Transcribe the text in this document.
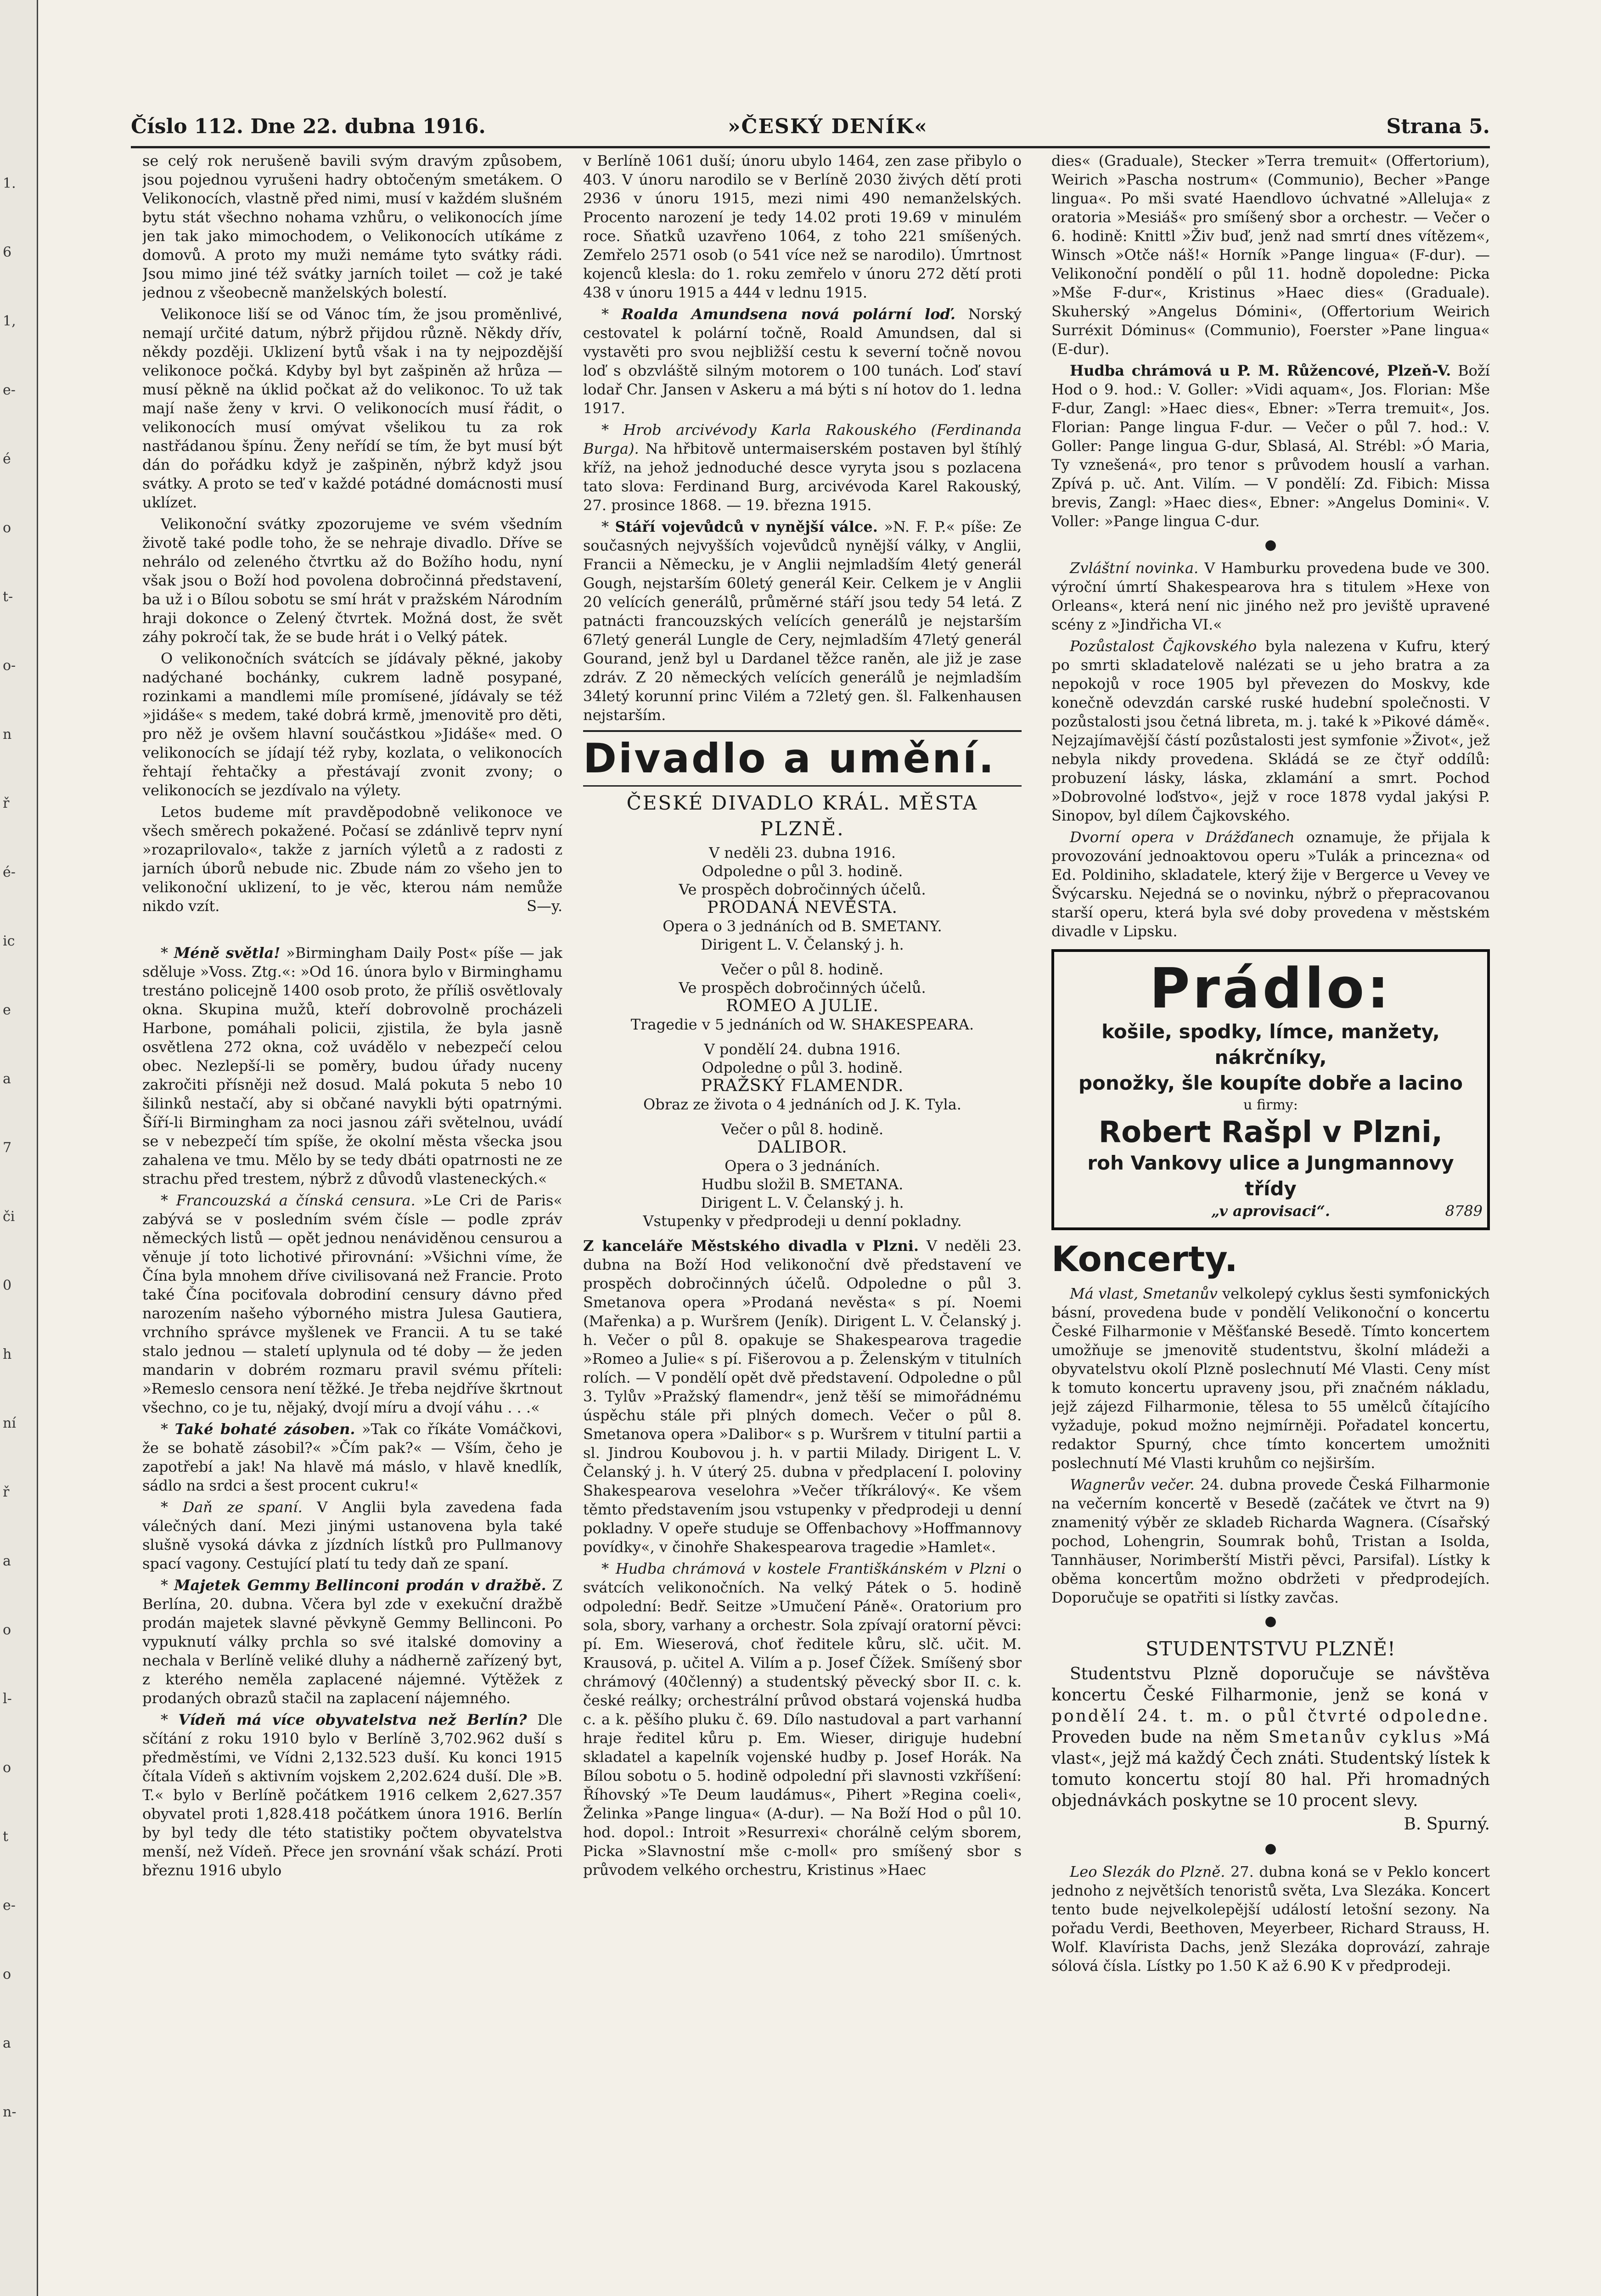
1.
6
1,
e-
é
o
t-
o-
n
ř
é-
ic
e
a
7
či
0
h
ní
ř
a
o
l-
o
t
e-
o
a
n-
Číslo 112. Dne 22. dubna 1916.	»ČESKÝ DENÍK«	Strana 5.

se celý rok nerušeně bavili svým dravým způsobem, jsou pojednou vyrušeni hadry obtočeným smetákem. O Velikonocích, vlastně před nimi, musí v každém slušném bytu stát všechno nohama vzhůru, o velikonocích jíme jen tak jako mimochodem, o Velikonocích utíkáme z domovů. A proto my muži nemáme tyto svátky rádi. Jsou mimo jiné též svátky jarních toilet — což je také jednou z všeobecně manželských bolestí.

Velikonoce liší se od Vánoc tím, že jsou proměnlivé, nemají určité datum, nýbrž přijdou různě. Někdy dřív, někdy později. Uklizení bytů však i na ty nejpozdější velikonoce počká. Kdyby byl byt zašpiněn až hrůza — musí pěkně na úklid počkat až do velikonoc. To už tak mají naše ženy v krvi. O velikonocích musí řádit, o velikonocích musí omývat všelikou tu za rok nastřádanou špínu. Ženy neřídí se tím, že byt musí být dán do pořádku když je zašpiněn, nýbrž když jsou svátky. A proto se teď v každé potádné domácnosti musí uklízet.

Velikonoční svátky zpozorujeme ve svém všedním životě také podle toho, že se nehraje divadlo. Dříve se nehrálo od zeleného čtvrtku až do Božího hodu, nyní však jsou o Boží hod povolena dobročinná představení, ba už i o Bílou sobotu se smí hrát v pražském Národním hraji dokonce o Zelený čtvrtek. Možná dost, že svět záhy pokročí tak, že se bude hrát i o Velký pátek.

O velikonočních svátcích se jídávaly pěkné, jakoby nadýchané bochánky, cukrem ladně posypané, rozinkami a mandlemi míle promísené, jídávaly se též »jidáše« s medem, také dobrá krmě, jmenovitě pro děti, pro něž je ovšem hlavní součástkou »Jidáše« med. O velikonocích se jídají též ryby, kozlata, o velikonocích řehtají řehtačky a přestávají zvonit zvony; o velikonocích se jezdívalo na výlety.

Letos budeme mít pravděpodobně velikonoce ve všech směrech pokažené. Počasí se zdánlivě teprv nyní »rozaprilovalo«, takže z jarních výletů a z radosti z jarních úborů nebude nic. Zbude nám zo všeho jen to velikonoční uklizení, to je věc, kterou nám nemůže nikdo vzít.	S—y.

* Méně světla! »Birmingham Daily Post« píše — jak sděluje »Voss. Ztg.«: »Od 16. února bylo v Birminghamu trestáno policejně 1400 osob proto, že příliš osvětlovaly okna. Skupina mužů, kteří dobrovolně procházeli Harbone, pomáhali policii, zjistila, že byla jasně osvětlena 272 okna, což uvádělo v nebezpečí celou obec. Nezlepší-li se poměry, budou úřady nuceny zakročiti přísněji než dosud. Malá pokuta 5 nebo 10 šilinků nestačí, aby si občané navykli býti opatrnými. Šíří-li Birmingham za noci jasnou záři světelnou, uvádí se v nebezpečí tím spíše, že okolní města všecka jsou zahalena ve tmu. Mělo by se tedy dbáti opatrnosti ne ze strachu před trestem, nýbrž z důvodů vlasteneckých.«

* Francouzská a čínská censura. »Le Cri de Paris« zabývá se v posledním svém čísle — podle zpráv německých listů — opět jednou nenáviděnou censurou a věnuje jí toto lichotivé přirovnání: »Všichni víme, že Čína byla mnohem dříve civilisovaná než Francie. Proto také Čína pociťovala dobrodiní censury dávno před narozením našeho výborného mistra Julesa Gautiera, vrchního správce myšlenek ve Francii. A tu se také stalo jednou — staletí uplynula od té doby — že jeden mandarin v dobrém rozmaru pravil svému příteli: »Remeslo censora není těžké. Je třeba nejdříve škrtnout všechno, co je tu, nějaký, dvojí míru a dvojí váhu . . .«

* Také bohaté zásoben. »Tak co říkáte Vomáčkovi, že se bohatě zásobil?« »Čím pak?« — Vším, čeho je zapotřebí a jak! Na hlavě má máslo, v hlavě knedlík, sádlo na srdci a šest procent cukru!«

* Daň ze spaní. V Anglii byla zavedena fada válečných daní. Mezi jinými ustanovena byla také slušně vysoká dávka z jízdních lístků pro Pullmanovy spací vagony. Cestující platí tu tedy daň ze spaní.

* Majetek Gemmy Bellinconi prodán v dražbě. Z Berlína, 20. dubna. Včera byl zde v exekuční dražbě prodán majetek slavné pěvkyně Gemmy Bellinconi. Po vypuknutí války prchla so své italské domoviny a nechala v Berlíně veliké dluhy a nádherně zařízený byt, z kterého neměla zaplacené nájemné. Výtěžek z prodaných obrazů stačil na zaplacení nájemného.

* Vídeň má více obyvatelstva než Berlín? Dle sčítání z roku 1910 bylo v Berlíně 3,702.962 duší s předměstími, ve Vídni 2,132.523 duší. Ku konci 1915 čítala Vídeň s aktivním vojskem 2,202.624 duší. Dle »B. T.« bylo v Berlíně počátkem 1916 celkem 2,627.357 obyvatel proti 1,828.418 počátkem února 1916. Berlín by byl tedy dle této statistiky počtem obyvatelstva menší, než Vídeň. Přece jen srovnání však schází. Proti březnu 1916 ubylo

v Berlíně 1061 duší; únoru ubylo 1464, zen zase přibylo o 403. V únoru narodilo se v Berlíně 2030 živých dětí proti 2936 v únoru 1915, mezi nimi 490 nemanželských. Procento narození je tedy 14.02 proti 19.69 v minulém roce. Sňatků uzavřeno 1064, z toho 221 smíšených. Zemřelo 2571 osob (o 541 více než se narodilo). Úmrtnost kojenců klesla: do 1. roku zemřelo v únoru 272 dětí proti 438 v únoru 1915 a 444 v lednu 1915.

* Roalda Amundsena nová polární loď. Norský cestovatel k polární točně, Roald Amundsen, dal si vystavěti pro svou nejbližší cestu k severní točně novou loď s obzvláště silným motorem o 100 tunách. Loď staví lodař Chr. Jansen v Askeru a má býti s ní hotov do 1. ledna 1917.

* Hrob arcivévody Karla Rakouského (Ferdinanda Burga). Na hřbitově untermaiserském postaven byl štíhlý kříž, na jehož jednoduché desce vyryta jsou s pozlacena tato slova: Ferdinand Burg, arcivévoda Karel Rakouský, 27. prosince 1868. — 19. března 1915.

* Stáří vojevůdců v nynější válce. »N. F. P.« píše: Ze současných nejvyšších vojevůdců nynější války, v Anglii, Francii a Německu, je v Anglii nejmladším 4letý generál Gough, nejstarším 60letý generál Keir. Celkem je v Anglii 20 velících generálů, průměrné stáří jsou tedy 54 letá. Z patnácti francouzských velících generálů je nejstarším 67letý generál Lungle de Cery, nejmladším 47letý generál Gourand, jenž byl u Dardanel těžce raněn, ale již je zase zdráv. Z 20 německých velících generálů je nejmladším 34letý korunní princ Vilém a 72letý gen. šl. Falkenhausen nejstarším.

Divadlo a umění.
ČESKÉ DIVADLO KRÁL. MĚSTA
PLZNĚ.
V neděli 23. dubna 1916.
Odpoledne o půl 3. hodině.
Ve prospěch dobročinných účelů.
PRODANÁ NEVĚSTA.
Opera o 3 jednáních od B. SMETANY.
Dirigent L. V. Čelanský j. h.
Večer o půl 8. hodině.
Ve prospěch dobročinných účelů.
ROMEO A JULIE.
Tragedie v 5 jednáních od W. SHAKESPEARA.
V pondělí 24. dubna 1916.
Odpoledne o půl 3. hodině.
PRAŽSKÝ FLAMENDR.
Obraz ze života o 4 jednáních od J. K. Tyla.
Večer o půl 8. hodině.
DALIBOR.
Opera o 3 jednáních.
Hudbu složil B. SMETANA.
Dirigent L. V. Čelanský j. h.
Vstupenky v předprodeji u denní pokladny.

Z kanceláře Městského divadla v Plzni. V neděli 23. dubna na Boží Hod velikonoční dvě představení ve prospěch dobročinných účelů. Odpoledne o půl 3. Smetanova opera »Prodaná nevěsta« s pí. Noemi (Mařenka) a p. Wuršrem (Jeník). Dirigent L. V. Čelanský j. h. Večer o půl 8. opakuje se Shakespearova tragedie »Romeo a Julie« s pí. Fišerovou a p. Želenským v titulních rolích. — V pondělí opět dvě představení. Odpoledne o půl 3. Tylův »Pražský flamendr«, jenž těší se mimořádnému úspěchu stále při plných domech. Večer o půl 8. Smetanova opera »Dalibor« s p. Wuršrem v titulní partii a sl. Jindrou Koubovou j. h. v partii Milady. Dirigent L. V. Čelanský j. h. V úterý 25. dubna v předplacení I. poloviny Shakespearova veselohra »Večer tříkrálový«. Ke všem těmto představením jsou vstupenky v předprodeji u denní pokladny. V opeře studuje se Offenbachovy »Hoffmannovy povídky«, v činohře Shakespearova tragedie »Hamlet«.

* Hudba chrámová v kostele Františkánském v Plzni o svátcích velikonočních. Na velký Pátek o 5. hodině odpolední: Bedř. Seitze »Umučení Páně«. Oratorium pro sola, sbory, varhany a orchestr. Sola zpívají oratorní pěvci: pí. Em. Wieserová, choť ředitele kůru, slč. učit. M. Krausová, p. učitel A. Vilím a p. Josef Čížek. Smíšený sbor chrámový (40členný) a studentský pěvecký sbor II. c. k. české reálky; orchestrální průvod obstará vojenská hudba c. a k. pěšího pluku č. 69. Dílo nastudoval a part varhanní hraje ředitel kůru p. Em. Wieser, diriguje hudební skladatel a kapelník vojenské hudby p. Josef Horák. Na Bílou sobotu o 5. hodině odpolední při slavnosti vzkříšení: Říhovský »Te Deum laudámus«, Pihert »Regina coeli«, Želinka »Pange lingua« (A-dur). — Na Boží Hod o půl 10. hod. dopol.: Introit »Resurrexi« chorálně celým sborem, Picka »Slavnostní mše c-moll« pro smíšený sbor s průvodem velkého orchestru, Kristinus »Haec

dies« (Graduale), Stecker »Terra tremuit« (Offertorium), Weirich »Pascha nostrum« (Communio), Becher »Pange lingua«. Po mši svaté Haendlovo úchvatné »Alleluja« z oratoria »Mesiáš« pro smíšený sbor a orchestr. — Večer o 6. hodině: Knittl »Živ buď, jenž nad smrtí dnes vítězem«, Winsch »Otče náš!« Horník »Pange lingua« (F-dur). — Velikonoční pondělí o půl 11. hodně dopoledne: Picka »Mše F-dur«, Kristinus »Haec dies« (Graduale). Skuherský »Angelus Dómini«, (Offertorium Weirich Surréxit Dóminus« (Communio), Foerster »Pane lingua« (E-dur).

Hudba chrámová u P. M. Růžencové, Plzeň-V. Boží Hod o 9. hod.: V. Goller: »Vidi aquam«, Jos. Florian: Mše F-dur, Zangl: »Haec dies«, Ebner: »Terra tremuit«, Jos. Florian: Pange lingua F-dur. — Večer o půl 7. hod.: V. Goller: Pange lingua G-dur, Sblasá, Al. Strébl: »Ó Maria, Ty vznešená«, pro tenor s průvodem houslí a varhan. Zpívá p. uč. Ant. Vilím. — V pondělí: Zd. Fibich: Missa brevis, Zangl: »Haec dies«, Ebner: »Angelus Domini«. V. Voller: »Pange lingua C-dur.

●

Zvláštní novinka. V Hamburku provedena bude ve 300. výroční úmrtí Shakespearova hra s titulem »Hexe von Orleans«, která není nic jiného než pro jeviště upravené scény z »Jindřicha VI.«

Pozůstalost Čajkovského byla nalezena v Kufru, který po smrti skladatelově nalézati se u jeho bratra a za nepokojů v roce 1905 byl převezen do Moskvy, kde konečně odevzdán carské ruské hudební společnosti. V pozůstalosti jsou četná libreta, m. j. také k »Pikové dámě«. Nejzajímavější částí pozůstalosti jest symfonie »Život«, jež nebyla nikdy provedena. Skládá se ze čtyř oddílů: probuzení lásky, láska, zklamání a smrt. Pochod »Dobrovolné loďstvo«, jejž v roce 1878 vydal jakýsi P. Sinopov, byl dílem Čajkovského.

Dvorní opera v Drážďanech oznamuje, že přijala k provozování jednoaktovou operu »Tulák a princezna« od Ed. Poldiniho, skladatele, který žije v Bergerce u Vevey ve Švýcarsku. Nejedná se o novinku, nýbrž o přepracovanou starší operu, která byla své doby provedena v městském divadle v Lipsku.

Prádlo:
košile, spodky, límce, manžety, nákrčníky,
ponožky, šle koupíte dobře a lacino
u firmy:
Robert Rašpl v Plzni,
roh Vankovy ulice a Jungmannovy třídy
„v aprovisaci“.	8789
Koncerty.

Má vlast, Smetanův velkolepý cyklus šesti symfonických básní, provedena bude v pondělí Velikonoční o koncertu České Filharmonie v Měšťanské Besedě. Tímto koncertem umožňuje se jmenovitě studentstvu, školní mládeži a obyvatelstvu okolí Plzně poslechnutí Mé Vlasti. Ceny míst k tomuto koncertu upraveny jsou, při značném nákladu, jejž zájezd Filharmonie, tělesa to 55 umělců čítajícího vyžaduje, pokud možno nejmírněji. Pořadatel koncertu, redaktor Spurný, chce tímto koncertem umožniti poslechnutí Mé Vlasti kruhům co nejširším.

Wagnerův večer. 24. dubna provede Česká Filharmonie na večerním koncertě v Besedě (začátek ve čtvrt na 9) znamenitý výběr ze skladeb Richarda Wagnera. (Císařský pochod, Lohengrin, Soumrak bohů, Tristan a Isolda, Tannhäuser, Norimberští Mistři pěvci, Parsifal). Lístky k oběma koncertům možno obdržeti v předprodejích. Doporučuje se opatřiti si lístky zavčas.

●
STUDENTSTVU PLZNĚ!

Studentstvu Plzně doporučuje se návštěva koncertu České Filharmonie, jenž se koná v pondělí 24. t. m. o půl čtvrté odpoledne. Proveden bude na něm Smetanův cyklus »Má vlast«, jejž má každý Čech znáti. Studentský lístek k tomuto koncertu stojí 80 hal. Při hromadných objednávkách poskytne se 10 procent slevy.

B. Spurný.
●

Leo Slezák do Plzně. 27. dubna koná se v Peklo koncert jednoho z největších tenoristů světa, Lva Slezáka. Koncert tento bude nejvelkolepější událostí letošní sezony. Na pořadu Verdi, Beethoven, Meyerbeer, Richard Strauss, H. Wolf. Klavírista Dachs, jenž Slezáka doprovází, zahraje sólová čísla. Lístky po 1.50 K až 6.90 K v předprodeji.
